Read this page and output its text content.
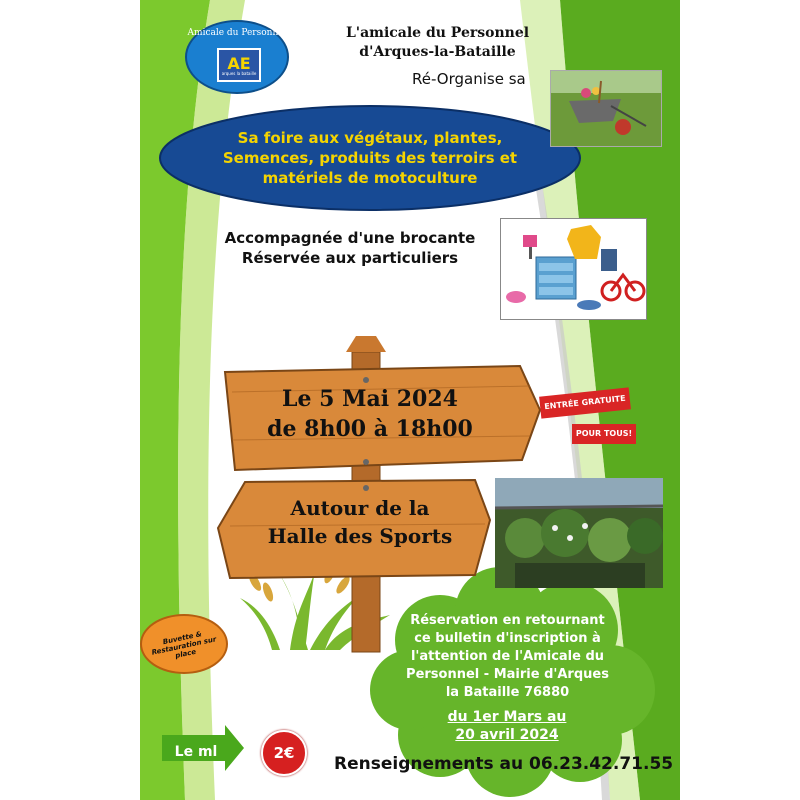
Amicale du Personnel
AE
arques la bataille
L'amicale du Personnel
d'Arques-la-Bataille
Ré-Organise sa
Sa foire aux végétaux, plantes,
Semences, produits des terroirs et
matériels de motoculture
Accompagnée d'une brocante
Réservée aux particuliers
Le 5 Mai 2024
de 8h00 à 18h00
Autour de la
Halle des Sports
ENTRÉE GRATUITE
POUR TOUS!
Buvette & Restauration sur place
Réservation en retournant
ce bulletin d'inscription à
l'attention de l'Amicale du
Personnel - Mairie d'Arques
la Bataille 76880
du 1er Mars au
20 avril 2024
Le ml	2€
Renseignements au 06.23.42.71.55
